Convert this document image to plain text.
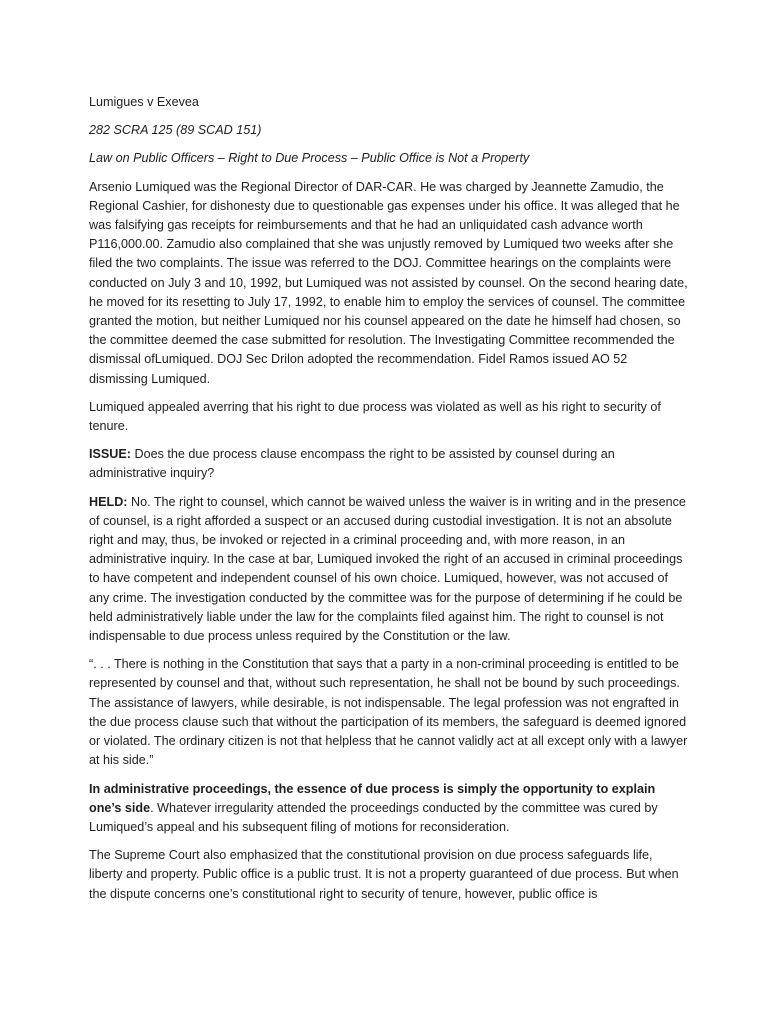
Lumigues v Exevea

282 SCRA 125 (89 SCAD 151)

Law on Public Officers – Right to Due Process – Public Office is Not a Property

Arsenio Lumiqued was the Regional Director of DAR-CAR. He was charged by Jeannette Zamudio, the Regional Cashier, for dishonesty due to questionable gas expenses under his office. It was alleged that he was falsifying gas receipts for reimbursements and that he had an unliquidated cash advance worth P116,000.00. Zamudio also complained that she was unjustly removed by Lumiqued two weeks after she filed the two complaints. The issue was referred to the DOJ. Committee hearings on the complaints were conducted on July 3 and 10, 1992, but Lumiqued was not assisted by counsel. On the second hearing date, he moved for its resetting to July 17, 1992, to enable him to employ the services of counsel. The committee granted the motion, but neither Lumiqued nor his counsel appeared on the date he himself had chosen, so the committee deemed the case submitted for resolution. The Investigating Committee recommended the dismissal ofLumiqued. DOJ Sec Drilon adopted the recommendation. Fidel Ramos issued AO 52 dismissing Lumiqued.

Lumiqued appealed averring that his right to due process was violated as well as his right to security of tenure.

ISSUE: Does the due process clause encompass the right to be assisted by counsel during an administrative inquiry?

HELD: No. The right to counsel, which cannot be waived unless the waiver is in writing and in the presence of counsel, is a right afforded a suspect or an accused during custodial investigation. It is not an absolute right and may, thus, be invoked or rejected in a criminal proceeding and, with more reason, in an administrative inquiry. In the case at bar, Lumiqued invoked the right of an accused in criminal proceedings to have competent and independent counsel of his own choice. Lumiqued, however, was not accused of any crime. The investigation conducted by the committee was for the purpose of determining if he could be held administratively liable under the law for the complaints filed against him. The right to counsel is not indispensable to due process unless required by the Constitution or the law.

“. . . There is nothing in the Constitution that says that a party in a non-criminal proceeding is entitled to be represented by counsel and that, without such representation, he shall not be bound by such proceedings. The assistance of lawyers, while desirable, is not indispensable. The legal profession was not engrafted in the due process clause such that without the participation of its members, the safeguard is deemed ignored or violated. The ordinary citizen is not that helpless that he cannot validly act at all except only with a lawyer at his side.”

In administrative proceedings, the essence of due process is simply the opportunity to explain one’s side. Whatever irregularity attended the proceedings conducted by the committee was cured by Lumiqued’s appeal and his subsequent filing of motions for reconsideration.

The Supreme Court also emphasized that the constitutional provision on due process safeguards life, liberty and property. Public office is a public trust. It is not a property guaranteed of due process. But when the dispute concerns one’s constitutional right to security of tenure, however, public office is
